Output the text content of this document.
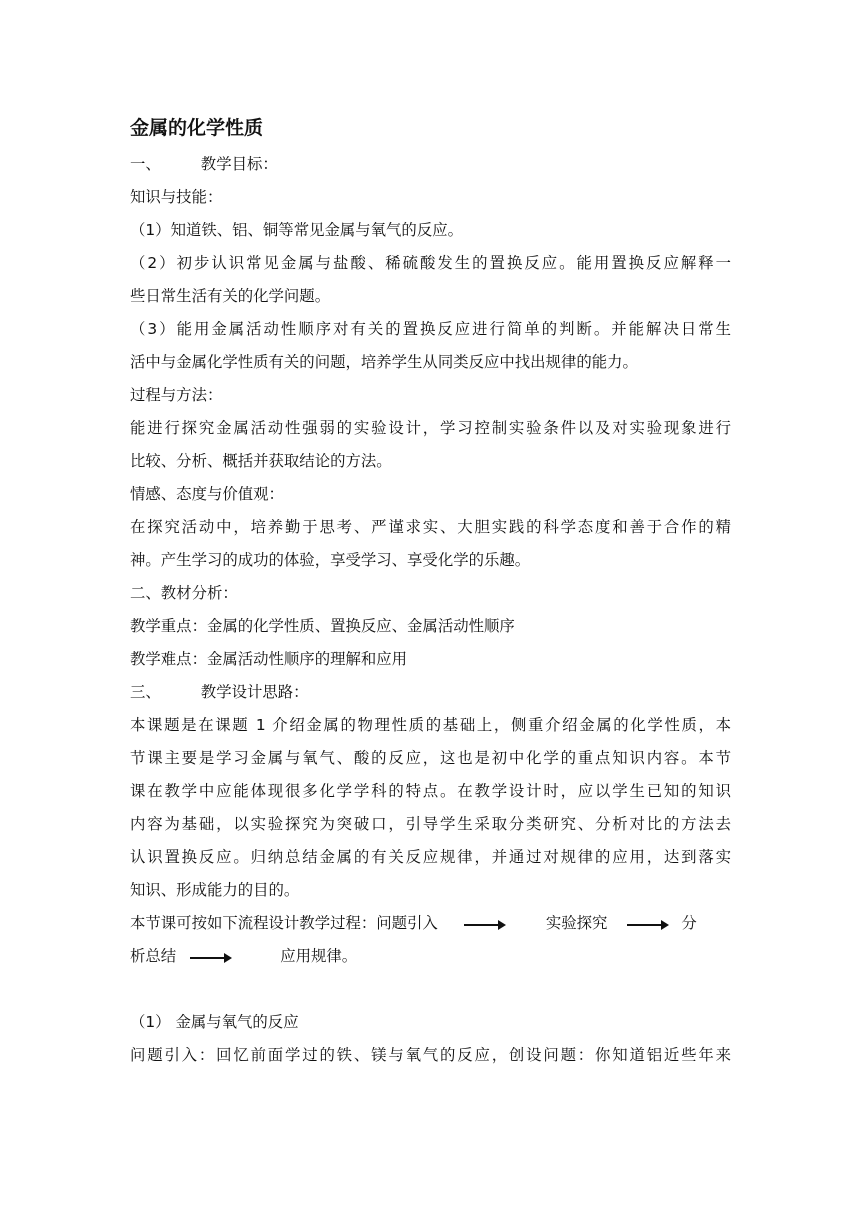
金属的化学性质
一、	教学目标：
知识与技能：
（1）知道铁、铝、铜等常见金属与氧气的反应。
（2）初步认识常见金属与盐酸、稀硫酸发生的置换反应。能用置换反应解释一
些日常生活有关的化学问题。
（3）能用金属活动性顺序对有关的置换反应进行简单的判断。并能解决日常生
活中与金属化学性质有关的问题，培养学生从同类反应中找出规律的能力。
过程与方法：
能进行探究金属活动性强弱的实验设计，学习控制实验条件以及对实验现象进行
比较、分析、概括并获取结论的方法。
情感、态度与价值观：
在探究活动中，培养勤于思考、严谨求实、大胆实践的科学态度和善于合作的精
神。产生学习的成功的体验，享受学习、享受化学的乐趣。
二、教材分析：
教学重点：金属的化学性质、置换反应、金属活动性顺序
教学难点：金属活动性顺序的理解和应用
三、	教学设计思路：
本课题是在课题 1 介绍金属的物理性质的基础上，侧重介绍金属的化学性质，本
节课主要是学习金属与氧气、酸的反应，这也是初中化学的重点知识内容。本节
课在教学中应能体现很多化学学科的特点。在教学设计时，应以学生已知的知识
内容为基础，以实验探究为突破口，引导学生采取分类研究、分析对比的方法去
认识置换反应。归纳总结金属的有关反应规律，并通过对规律的应用，达到落实
知识、形成能力的目的。
本节课可按如下流程设计教学过程：问题引入	实验探究	分
析总结	应用规律。
（1） 金属与氧气的反应
问题引入：回忆前面学过的铁、镁与氧气的反应，创设问题：你知道铝近些年来
